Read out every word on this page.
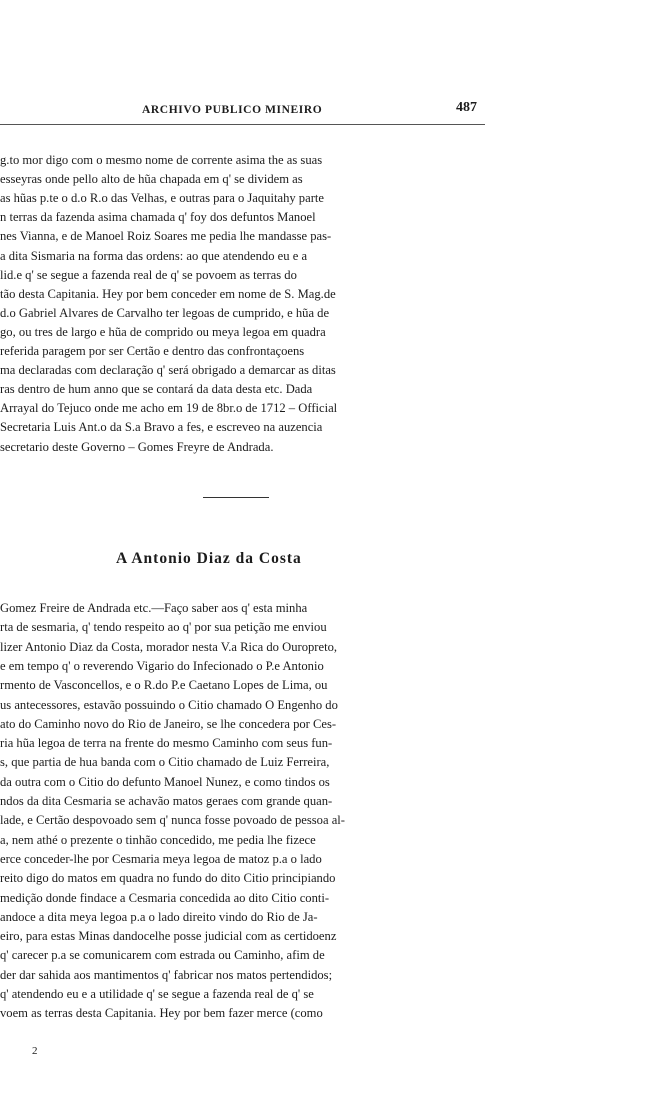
ARCHIVO PUBLICO MINEIRO	487
g.to mor digo com o mesmo nome de corrente asima the as suas
esseyras onde pello alto de hũa chapada em q' se dividem as
as hũas p.te o d.o R.o das Velhas, e outras para o Jaquitahy parte
n terras da fazenda asima chamada q' foy dos defuntos Manoel
nes Vianna, e de Manoel Roiz Soares me pedia lhe mandasse pas-
a dita Sismaria na forma das ordens: ao que atendendo eu e a
lid.e q' se segue a fazenda real de q' se povoem as terras do
tão desta Capitania. Hey por bem conceder em nome de S. Mag.de
d.o Gabriel Alvares de Carvalho ter legoas de cumprido, e hũa de
go, ou tres de largo e hũa de comprido ou meya legoa em quadra
referida paragem por ser Certão e dentro das confrontaçoens
ma declaradas com declaração q' será obrigado a demarcar as ditas
ras dentro de hum anno que se contará da data desta etc. Dada
Arrayal do Tejuco onde me acho em 19 de 8br.o de 1712 – Official
Secretaria Luis Ant.o da S.a Bravo a fes, e escreveo na auzencia
secretario deste Governo – Gomes Freyre de Andrada.
A Antonio Diaz da Costa
Gomez Freire de Andrada etc.—Faço saber aos q' esta minha
rta de sesmaria, q' tendo respeito ao q' por sua petição me enviou
lizer Antonio Diaz da Costa, morador nesta V.a Rica do Ouropreto,
e em tempo q' o reverendo Vigario do Infecionado o P.e Antonio
rmento de Vasconcellos, e o R.do P.e Caetano Lopes de Lima, ou
us antecessores, estavão possuindo o Citio chamado O Engenho do
ato do Caminho novo do Rio de Janeiro, se lhe concedera por Ces-
ria hũa legoa de terra na frente do mesmo Caminho com seus fun-
s, que partia de hua banda com o Citio chamado de Luiz Ferreira,
da outra com o Citio do defunto Manoel Nunez, e como tindos os
ndos da dita Cesmaria se achavão matos geraes com grande quan-
lade, e Certão despovoado sem q' nunca fosse povoado de pessoa al-
a, nem athé o prezente o tinhão concedido, me pedia lhe fizece
erce conceder-lhe por Cesmaria meya legoa de matoz p.a o lado
reito digo do matos em quadra no fundo do dito Citio principiando
medição donde findace a Cesmaria concedida ao dito Citio conti-
andoce a dita meya legoa p.a o lado direito vindo do Rio de Ja-
eiro, para estas Minas dandocelhe posse judicial com as certidoenz
q' carecer p.a se comunicarem com estrada ou Caminho, afim de
der dar sahida aos mantimentos q' fabricar nos matos pertendidos;
q' atendendo eu e a utilidade q' se segue a fazenda real de q' se
voem as terras desta Capitania. Hey por bem fazer merce (como
2
